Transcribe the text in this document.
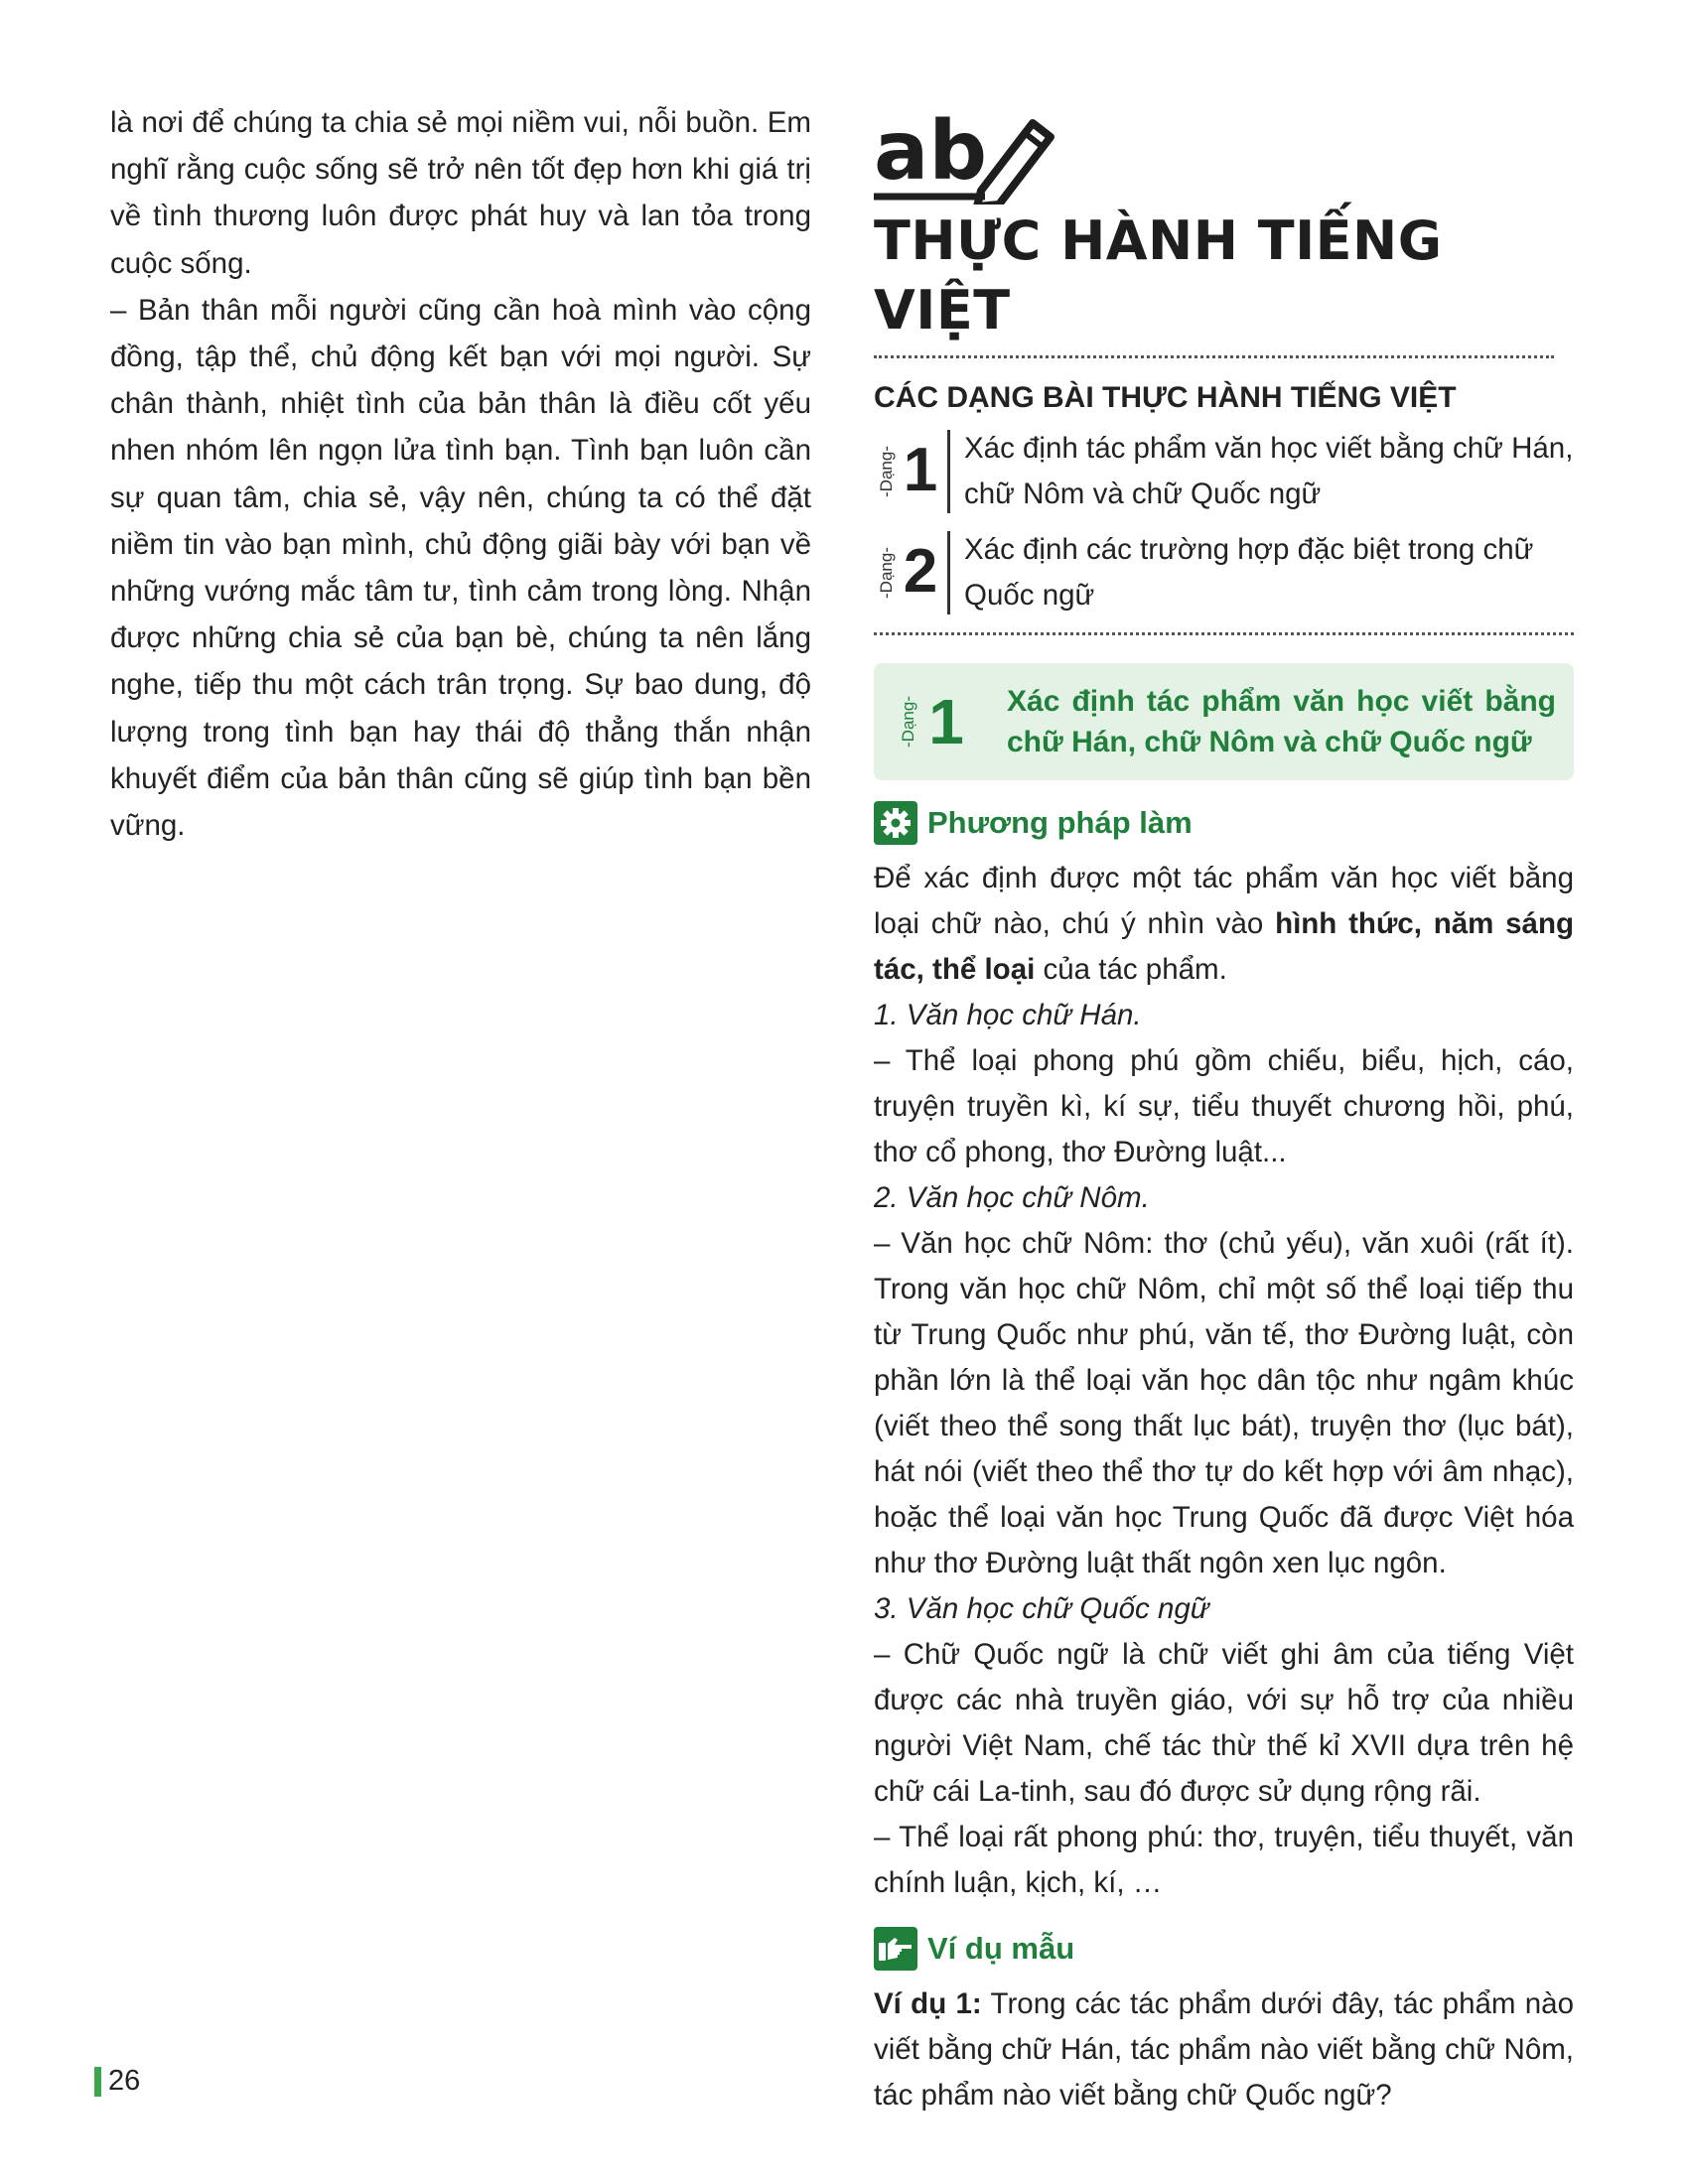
là nơi để chúng ta chia sẻ mọi niềm vui, nỗi buồn. Em nghĩ rằng cuộc sống sẽ trở nên tốt đẹp hơn khi giá trị về tình thương luôn được phát huy và lan tỏa trong cuộc sống.

– Bản thân mỗi người cũng cần hoà mình vào cộng đồng, tập thể, chủ động kết bạn với mọi người. Sự chân thành, nhiệt tình của bản thân là điều cốt yếu nhen nhóm lên ngọn lửa tình bạn. Tình bạn luôn cần sự quan tâm, chia sẻ, vậy nên, chúng ta có thể đặt niềm tin vào bạn mình, chủ động giãi bày với bạn về những vướng mắc tâm tư, tình cảm trong lòng. Nhận được những chia sẻ của bạn bè, chúng ta nên lắng nghe, tiếp thu một cách trân trọng. Sự bao dung, độ lượng trong tình bạn hay thái độ thẳng thắn nhận khuyết điểm của bản thân cũng sẽ giúp tình bạn bền vững.

ab
THỰC HÀNH TIẾNG VIỆT
CÁC DẠNG BÀI THỰC HÀNH TIẾNG VIỆT
-Dạng- 1 Xác định tác phẩm văn học viết bằng chữ Hán, chữ Nôm và chữ Quốc ngữ
-Dạng- 2 Xác định các trường hợp đặc biệt trong chữ Quốc ngữ
-Dạng- 1 Xác định tác phẩm văn học viết bằng chữ Hán, chữ Nôm và chữ Quốc ngữ
Phương pháp làm

Để xác định được một tác phẩm văn học viết bằng loại chữ nào, chú ý nhìn vào hình thức, năm sáng tác, thể loại của tác phẩm.

1. Văn học chữ Hán.

– Thể loại phong phú gồm chiếu, biểu, hịch, cáo, truyện truyền kì, kí sự, tiểu thuyết chương hồi, phú, thơ cổ phong, thơ Đường luật...

2. Văn học chữ Nôm.

– Văn học chữ Nôm: thơ (chủ yếu), văn xuôi (rất ít). Trong văn học chữ Nôm, chỉ một số thể loại tiếp thu từ Trung Quốc như phú, văn tế, thơ Đường luật, còn phần lớn là thể loại văn học dân tộc như ngâm khúc (viết theo thể song thất lục bát), truyện thơ (lục bát), hát nói (viết theo thể thơ tự do kết hợp với âm nhạc), hoặc thể loại văn học Trung Quốc đã được Việt hóa như thơ Đường luật thất ngôn xen lục ngôn.

3. Văn học chữ Quốc ngữ

– Chữ Quốc ngữ là chữ viết ghi âm của tiếng Việt được các nhà truyền giáo, với sự hỗ trợ của nhiều người Việt Nam, chế tác thừ thế kỉ XVII dựa trên hệ chữ cái La-tinh, sau đó được sử dụng rộng rãi.

– Thể loại rất phong phú: thơ, truyện, tiểu thuyết, văn chính luận, kịch, kí, …

Ví dụ mẫu

Ví dụ 1: Trong các tác phẩm dưới đây, tác phẩm nào viết bằng chữ Hán, tác phẩm nào viết bằng chữ Nôm, tác phẩm nào viết bằng chữ Quốc ngữ?

26
